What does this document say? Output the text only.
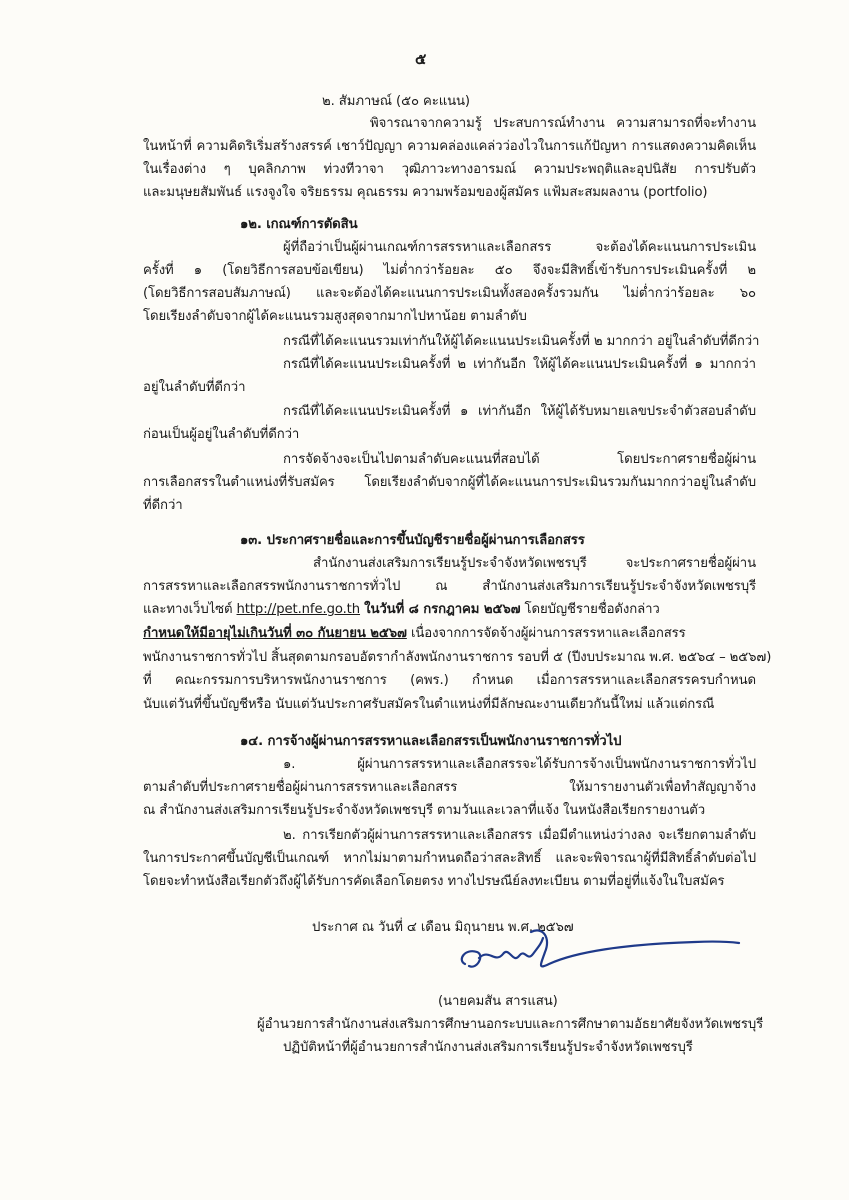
๕
๒. สัมภาษณ์ (๕๐ คะแนน)
พิจารณาจากความรู้ ประสบการณ์ทำงาน ความสามารถที่จะทำงาน
ในหน้าที่ ความคิดริเริ่มสร้างสรรค์ เชาว์ปัญญา ความคล่องแคล่วว่องไวในการแก้ปัญหา การแสดงความคิดเห็น
ในเรื่องต่าง ๆ บุคลิกภาพ ท่วงทีวาจา วุฒิภาวะทางอารมณ์ ความประพฤติและอุปนิสัย การปรับตัว
และมนุษยสัมพันธ์ แรงจูงใจ จริยธรรม คุณธรรม ความพร้อมของผู้สมัคร แฟ้มสะสมผลงาน (portfolio)
๑๒. เกณฑ์การตัดสิน
ผู้ที่ถือว่าเป็นผู้ผ่านเกณฑ์การสรรหาและเลือกสรร จะต้องได้คะแนนการประเมิน
ครั้งที่ ๑ (โดยวิธีการสอบข้อเขียน) ไม่ต่ำกว่าร้อยละ ๕๐ จึงจะมีสิทธิ์เข้ารับการประเมินครั้งที่ ๒
(โดยวิธีการสอบสัมภาษณ์) และจะต้องได้คะแนนการประเมินทั้งสองครั้งรวมกัน ไม่ต่ำกว่าร้อยละ ๖๐
โดยเรียงลำดับจากผู้ได้คะแนนรวมสูงสุดจากมากไปหาน้อย ตามลำดับ
กรณีที่ได้คะแนนรวมเท่ากันให้ผู้ได้คะแนนประเมินครั้งที่ ๒ มากกว่า อยู่ในลำดับที่ดีกว่า
กรณีที่ได้คะแนนประเมินครั้งที่ ๒ เท่ากันอีก ให้ผู้ได้คะแนนประเมินครั้งที่ ๑ มากกว่า
อยู่ในลำดับที่ดีกว่า
กรณีที่ได้คะแนนประเมินครั้งที่ ๑ เท่ากันอีก ให้ผู้ได้รับหมายเลขประจำตัวสอบลำดับ
ก่อนเป็นผู้อยู่ในลำดับที่ดีกว่า
การจัดจ้างจะเป็นไปตามลำดับคะแนนที่สอบได้ โดยประกาศรายชื่อผู้ผ่าน
การเลือกสรรในตำแหน่งที่รับสมัคร โดยเรียงลำดับจากผู้ที่ได้คะแนนการประเมินรวมกันมากกว่าอยู่ในลำดับ
ที่ดีกว่า
๑๓. ประกาศรายชื่อและการขึ้นบัญชีรายชื่อผู้ผ่านการเลือกสรร
สำนักงานส่งเสริมการเรียนรู้ประจำจังหวัดเพชรบุรี จะประกาศรายชื่อผู้ผ่าน
การสรรหาและเลือกสรรพนักงานราชการทั่วไป ณ สำนักงานส่งเสริมการเรียนรู้ประจำจังหวัดเพชรบุรี
และทางเว็บไซต์ http://pet.nfe.go.th ในวันที่ ๘ กรกฎาคม ๒๕๖๗ โดยบัญชีรายชื่อดังกล่าว
กำหนดให้มีอายุไม่เกินวันที่ ๓๐ กันยายน ๒๕๖๗ เนื่องจากการจัดจ้างผู้ผ่านการสรรหาและเลือกสรร
พนักงานราชการทั่วไป สิ้นสุดตามกรอบอัตรากำลังพนักงานราชการ รอบที่ ๕ (ปีงบประมาณ พ.ศ. ๒๕๖๔ – ๒๕๖๗)
ที่ คณะกรรมการบริหารพนักงานราชการ (คพร.) กำหนด เมื่อการสรรหาและเลือกสรรครบกำหนด
นับแต่วันที่ขึ้นบัญชีหรือ นับแต่วันประกาศรับสมัครในตำแหน่งที่มีลักษณะงานเดียวกันนี้ใหม่ แล้วแต่กรณี
๑๔. การจ้างผู้ผ่านการสรรหาและเลือกสรรเป็นพนักงานราชการทั่วไป
๑. ผู้ผ่านการสรรหาและเลือกสรรจะได้รับการจ้างเป็นพนักงานราชการทั่วไป
ตามลำดับที่ประกาศรายชื่อผู้ผ่านการสรรหาและเลือกสรร ให้มารายงานตัวเพื่อทำสัญญาจ้าง
ณ สำนักงานส่งเสริมการเรียนรู้ประจำจังหวัดเพชรบุรี ตามวันและเวลาที่แจ้ง ในหนังสือเรียกรายงานตัว
๒. การเรียกตัวผู้ผ่านการสรรหาและเลือกสรร เมื่อมีตำแหน่งว่างลง จะเรียกตามลำดับ
ในการประกาศขึ้นบัญชีเป็นเกณฑ์ หากไม่มาตามกำหนดถือว่าสละสิทธิ์ และจะพิจารณาผู้ที่มีสิทธิ์ลำดับต่อไป
โดยจะทำหนังสือเรียกตัวถึงผู้ได้รับการคัดเลือกโดยตรง ทางไปรษณีย์ลงทะเบียน ตามที่อยู่ที่แจ้งในใบสมัคร
ประกาศ ณ วันที่ ๔ เดือน มิถุนายน พ.ศ. ๒๕๖๗
(นายคมสัน สารแสน)
ผู้อำนวยการสำนักงานส่งเสริมการศึกษานอกระบบและการศึกษาตามอัธยาศัยจังหวัดเพชรบุรี
ปฏิบัติหน้าที่ผู้อำนวยการสำนักงานส่งเสริมการเรียนรู้ประจำจังหวัดเพชรบุรี
